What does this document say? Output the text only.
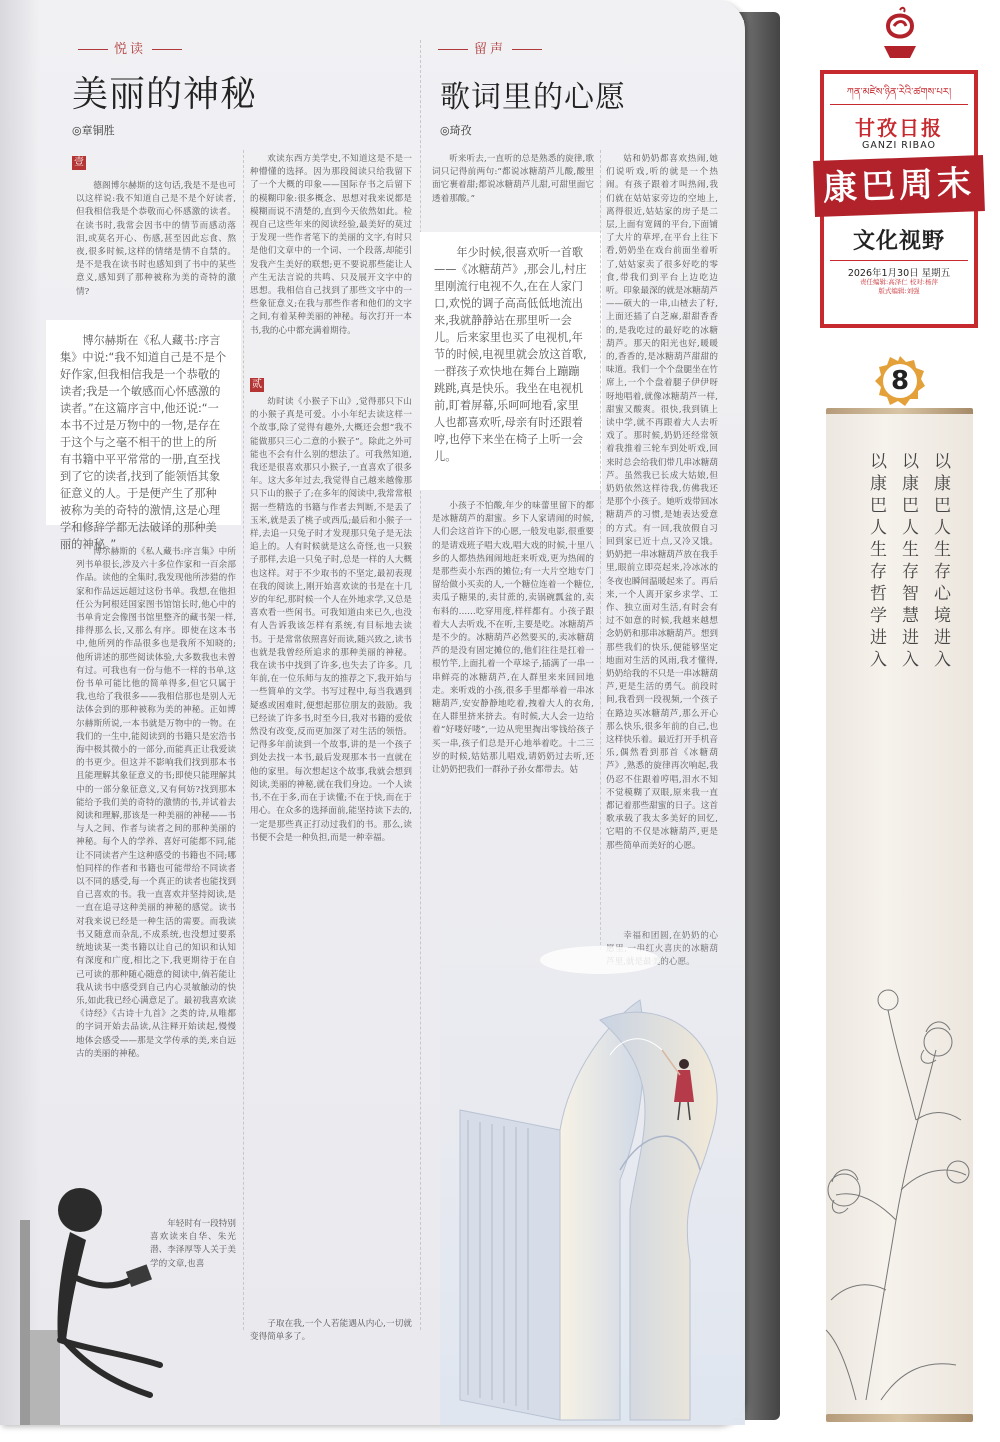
悦读
美丽的神秘
◎章铜胜
壹

德阁博尔赫斯的这句话,我是不是也可以这样说:我不知道自己是不是个好读者,但我相信我是个恭敬而心怀感激的读者。在读书时,我常会因书中的情节而感动落泪,或莫名开心、伤感,甚至因此忘食、熬夜,很多时候,这样的情绪是情不自禁的。是不是我在读书时也感知到了书中的某些意义,感知到了那种被称为美的奇特的激情?

博尔赫斯在《私人藏书:序言集》中说:“我不知道自己是不是个好作家,但我相信我是一个恭敬的读者;我是一个敏感而心怀感激的读者。”在这篇序言中,他还说:“一本书不过是万物中的一物,是存在于这个与之毫不相干的世上的所有书籍中平平常常的一册,直至找到了它的读者,找到了能领悟其象征意义的人。于是便产生了那种被称为美的奇特的激情,这是心理学和修辞学都无法破译的那种美丽的神秘。”

博尔赫斯的《私人藏书:序言集》中所列书单很长,涉及六十多位作家和一百余部作品。读他的全集时,我发现他所涉猎的作家和作品远远超过这份书单。我想,在他担任公为阿根廷国家图书馆馆长时,他心中的书单肯定会像图书馆里整齐的藏书架一样,排得那么长,又那么有序。即使在这本书中,他所列的作品很多也是我所不知晓的;他所讲述的那些阅读体验,大多数我也未曾有过。可我也有一份与他不一样的书单,这份书单可能比他的简单得多,但它只属于我,也给了我很多——我相信那也是别人无法体会到的那种被称为美的神秘。正如博尔赫斯所说,一本书就是万物中的一物。在我们的一生中,能阅读到的书籍只是宏浩书海中极其微小的一部分,而能真正让我爱读的书更少。但这并不影响我们找到那本书且能理解其象征意义的书;即使只能理解其中的一部分象征意义,又有何妨?找到那本能给予我们美的奇特的激情的书,并试着去阅读和理解,那该是一种美丽的神秘——书与人之间、作者与读者之间的那种美丽的神秘。每个人的学养、喜好可能都不同,能让不同读者产生这种感受的书籍也不同;哪怕同样的作者和书籍也可能带给不同读者以不同的感受,每一个真正的读者也能找到自己喜欢的书。我一直喜欢并坚持阅读,是一直在追寻这种美丽的神秘的感觉。读书对我来说已经是一种生活的需要。而我读书又随意而杂乱,不成系统,也没想过要系统地读某一类书籍以让自己的知识和认知有深度和广度,相比之下,我更期待于在自己可读的那种随心随意的阅读中,倘若能让我从读书中感受到自己内心灵敏触动的快乐,如此我已经心满意足了。最初我喜欢读《诗经》《古诗十九首》之类的诗,从唯都的字词开始去品读,从注释开始读起,慢慢地体会感受——那是文学传承的美,来自远古的美丽的神秘。

年轻时有一段特别喜欢读来自华、朱光潜、李泽厚等人关于美学的文章,也喜

欢读东西方美学史,不知道这是不是一种懵懂的选择。因为那段阅读只给我留下了一个大概的印象——国际存书之后留下的模糊印象:很多概念、思想对我来说都是模糊而说不清楚的,直到今天依然如此。检视自己这些年来的阅读经验,最美好的莫过于发现一些作者笔下的美丽的文字,有时只是他们文章中的一个词、一个段落,却能引发我产生美好的联想;更不要说那些能让人产生无法言说的共鸣、只及展开文字中的思想。我相信自己找到了那些文字中的一些象征意义;在我与那些作者和他们的文字之间,有着某种美丽的神秘。每次打开一本书,我的心中都充满着期待。

贰

幼时读《小猴子下山》,觉得那只下山的小猴子真是可爱。小小年纪去读这样一个故事,除了觉得有趣外,大概还会想“我不能做那只三心二意的小猴子”。除此之外可能也不会有什么别的想法了。可我然知道,我还是很喜欢那只小猴子,一直喜欢了很多年。这大多年过去,我觉得自己越来越像那只下山的猴子了;在多年的阅读中,我常常根据一些精选的书籍与作者去判断,不是丢了玉米,就是丢了桃子或西瓜;最后和小猴子一样,去追一只兔子时才发现那只兔子是无法追上的。人有时候就是这么奇怪,也一只猴子那样,去追一只兔子时,总是一样的人大概也这样。对于不少取书的不坚定,最初表现在我的阅读上,刚开始喜欢读的书是在十几岁的年纪,那时候一个人在外地求学,又总是喜欢看一些闲书。可我知道由来已久,也没有人告诉我该怎样有系统,有目标地去读书。于是常常依照喜好而读,随兴致之,读书也就是我曾经所追求的那种美丽的神秘。我在读书中找到了许多,也失去了许多。几年前,在一位乐师与友的推荐之下,我开始与一些简单的文学。书写过程中,每当我遇到疑惑或困难时,便想起那位朋友的鼓励。我已经读了许多书,时至今日,我对书籍的爱依然没有改变,反而更加深了对生活的领悟。记得多年前读到一个故事,讲的是一个孩子到处去找一本书,最后发现那本书一直就在他的家里。每次想起这个故事,我就会想到阅读,美丽的神秘,就在我们身边。一个人读书,不在于多,而在于读懂;不在于快,而在于用心。在众多的选择面前,能坚持读下去的,一定是那些真正打动过我们的书。那么,读书便不会是一种负担,而是一种幸福。

子取在我,一个人若能遇从内心,一切就变得简单多了。

留声
歌词里的心愿
◎琦孜

听来听去,一直听的总是熟悉的旋律,歌词只记得前两句:“都说冰糖葫芦儿酸,酸里面它裹着甜;都说冰糖葫芦儿甜,可甜里面它透着那酸。”

年少时候,很喜欢听一首歌——《冰糖葫芦》,那会儿,村庄里刚流行电视不久,在在人家门口,欢悦的调子高高低低地流出来,我就静静站在那里听一会儿。后来家里也买了电视机,年节的时候,电视里就会放这首歌,一群孩子欢快地在舞台上蹦蹦跳跳,真是快乐。我坐在电视机前,盯着屏幕,乐呵呵地看,家里人也都喜欢听,母亲有时还跟着哼,也停下来坐在椅子上听一会儿。

小孩子不怕酸,年少的味蕾里留下的都是冰糖葫芦的甜蜜。乡下人家请闹的时候,人们会这首许下的心愿,一般发电影,很重要的是请戏班子唱大戏,唱大戏的时候,十里八乡的人都热热闹闹地赶来听戏,更为热闹的是那些卖小东西的摊位;有一大片空地专门留给做小买卖的人,一个糖位连着一个糖位,卖瓜子糖果的,卖甘蔗的,卖锅碗瓢盆的,卖布料的……吃穿用度,样样都有。小孩子跟着大人去听戏,不在听,主要是吃。冰糖葫芦是不少的。冰糖葫芦必然要买的,卖冰糖葫芦的是没有固定摊位的,他们往往是扛着一根竹竿,上面扎着一个草垛子,插满了一串一串鲜亮的冰糖葫芦,在人群里来来回回地走。来听戏的小孩,很多手里都举着一串冰糖葫芦,安安静静地吃着,拽着大人的衣角,在人群里挤来挤去。有时候,大人会一边给着“好喽好喽”,一边从兜里掏出零钱给孩子买一串,孩子们总是开心地举着吃。十二三岁的时候,姑姑那儿唱戏,请奶奶过去听,还让奶奶把我们一群孙子孙女都带去。姑

姑和奶奶都喜欢热闹,她们说听戏,听的就是一个热闹。有孩子跟着才叫热闹,我们就在姑姑家旁边的空地上,离得很近,姑姑家的房子是二层,上面有宽阔的平台,下面铺了大片的草坪,在平台上往下看,奶奶坐在戏台前面坐着听了,姑姑家卖了很多好吃的零食,带我们到平台上边吃边听。印象最深的就是冰糖葫芦——硕大的一串,山楂去了籽,上面还插了白芝麻,甜甜香香的,是我吃过的最好吃的冰糖葫芦。那天的阳光也好,暖暖的,香香的,是冰糖葫芦甜甜的味道。我们一个个盘腿坐在竹席上,一个个盘着腿子伊伊呀呀地唱着,就像冰糖葫芦一样,甜蜜又酸爽。很快,我到镇上读中学,就不再跟着大人去听戏了。那时候,奶奶还经常领着我推着三轮车到处听戏,回来时总会给我们带几串冰糖葫芦。虽然我已长成大姑娘,但奶奶依然这样待我,仿佛我还是那个小孩子。她听戏带回冰糖葫芦的习惯,是她表达爱意的方式。有一回,我放假自习回到家已近十点,又冷又饿。奶奶把一串冰糖葫芦放在我手里,眼前立即亮起来,冷冰冰的冬夜也瞬间温暖起来了。再后来,一个人离开家乡求学、工作、独立面对生活,有时会有过不如意的时候,我越来越想念奶奶和那串冰糖葫芦。想到那些我们的快乐,便能够坚定地面对生活的风雨,我才懂得,奶奶给我的不只是一串冰糖葫芦,更是生活的勇气。前段时间,我看到一段视频,一个孩子在路边买冰糖葫芦,那么开心那么快乐,很多年前的自己,也这样快乐着。最近打开手机音乐,偶然看到那首《冰糖葫芦》,熟悉的旋律再次响起,我仍忍不住跟着哼唱,泪水不知不觉模糊了双眼,原来我一直都记着那些甜蜜的日子。这首歌承载了我太多美好的回忆,它唱的不仅是冰糖葫芦,更是那些简单而美好的心愿。

ཀན་མཛེས་ཉིན་རེའི་ཚགས་པར།
甘孜日报
GANZI RIBAO
康巴周末
文化视野
2026年1月30日 星期五
责任编辑:高泽仁 校对:杨萍
版式编辑:刘强
8
以康巴人生存心境进入
以康巴人生存智慧进入
以康巴人生存哲学进入
